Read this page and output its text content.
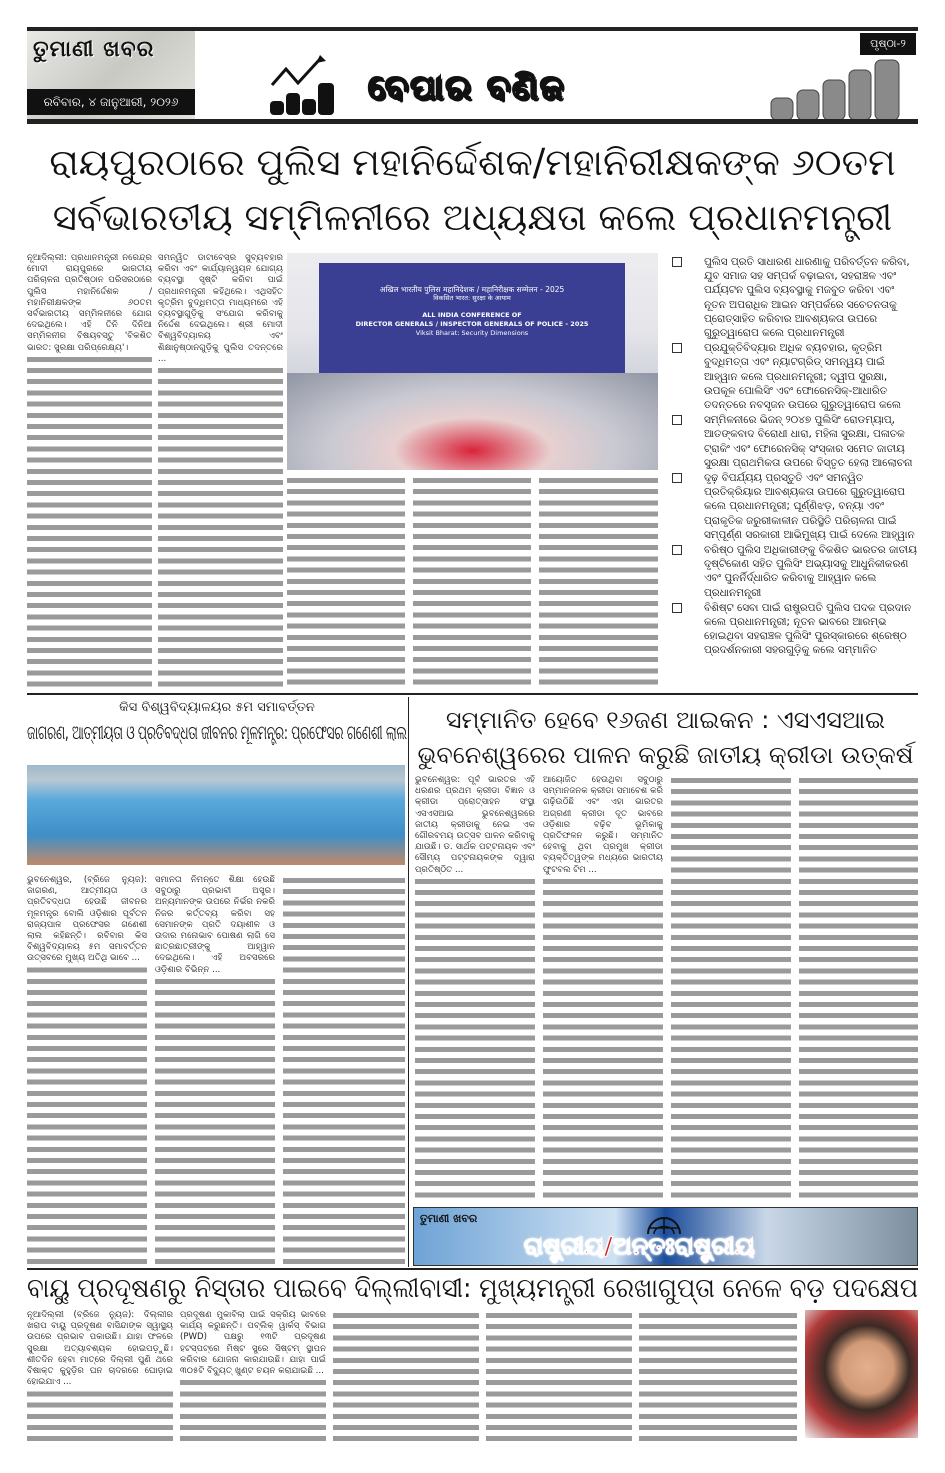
ତୁମାଣୀ ଖବର
ରବିବାର, ୪ ଜାନୁଆରୀ, ୨୦୨୬	ବେପାର ବଣିଜ
ପୃଷ୍ଠା-୨
ରାୟପୁରଠାରେ ପୁଲିସ ମହାନିର୍ଦ୍ଦେଶକ/ମହାନିରୀକ୍ଷକଙ୍କ ୬୦ତମ
ସର୍ବଭାରତୀୟ ସମ୍ମିଳନୀରେ ଅଧ୍ୟକ୍ଷତା କଲେ ପ୍ରଧାନମନ୍ତ୍ରୀ

ନୂଆଦିଲ୍ଲୀ: ପ୍ରଧାନମନ୍ତ୍ରୀ ନରେନ୍ଦ୍ର ମୋଦୀ ରାୟପୁରରେ ଭାରତୀୟ ପରିଚାଳନା ପ୍ରତିଷ୍ଠାନ ପରିସରଠାରେ ପୁଲିସ ମହାନିର୍ଦ୍ଦେଶକ / ମହାନିରୀକ୍ଷକଙ୍କ ୬୦ତମ ସର୍ବଭାରତୀୟ ସମ୍ମିଳନୀରେ ଯୋଗ ଦେଇଥିଲେ। ଏହି ତିନି ଦିନିଆ ସମ୍ମିଳନୀର ବିଷୟବସ୍ତୁ 'ବିକଶିତ ଭାରତ: ସୁରକ୍ଷା ପରିପ୍ରେକ୍ଷ୍ୟ'।

ସମନ୍ୱିତ ଡାଟାବେସ୍‌ର ସୁବ୍ୟବହାର କରିବା ଏବଂ କାର୍ଯ୍ୟାନ୍ୱୟନ ଯୋଗ୍ୟ ବ୍ୟବସ୍ଥା ସୃଷ୍ଟି କରିବା ପାଇଁ ପ୍ରଧାନମନ୍ତ୍ରୀ କହିଥିଲେ। ଏଥିସହିତ କୃତ୍ରିମ ବୁଦ୍ଧିମତ୍ତା ମାଧ୍ୟମରେ ଏହି ବ୍ୟବସ୍ଥାଗୁଡ଼ିକୁ ସଂଯୋଗ କରିବାକୁ ନିର୍ଦ୍ଦେଶ ଦେଇଥିଲେ। ଶ୍ରୀ ମୋଦୀ ବିଶ୍ୱବିଦ୍ୟାଳୟ ଏବଂ ଶିକ୍ଷାନୁଷ୍ଠାନଗୁଡ଼ିକୁ ପୁଲିସ ତଦନ୍ତରେ ...

अखिल भारतीय पुलिस महानिदेशक / महानिरीक्षक सम्मेलन - 2025
विकसित भारत: सुरक्षा के आयाम
ALL INDIA CONFERENCE OF
DIRECTOR GENERALS / INSPECTOR GENERALS OF POLICE - 2025
Viksit Bharat: Security Dimensions
ପୁଲିସ ପ୍ରତି ସାଧାରଣ ଧାରଣାକୁ ପରିବର୍ତ୍ତନ କରିବା, ଯୁବ ସମାଜ ସହ ସମ୍ପର୍କ ବଢ଼ାଇବା, ସହରାଞ୍ଚଳ ଏବଂ ପର୍ଯ୍ୟଟନ ପୁଲିସ ବ୍ୟବସ୍ଥାକୁ ମଜବୁତ କରିବା ଏବଂ ନୂତନ ଅପରାଧିକ ଆଇନ ସମ୍ପର୍କରେ ସଚେତନତାକୁ ପ୍ରୋତ୍ସାହିତ କରିବାର ଆବଶ୍ୟକତା ଉପରେ ଗୁରୁତ୍ୱାରୋପ କଲେ ପ୍ରଧାନମନ୍ତ୍ରୀ
ପ୍ରଯୁକ୍ତିବିଦ୍ୟାର ଅଧିକ ବ୍ୟବହାର, କୃତ୍ରିମ ବୁଦ୍ଧିମତ୍ତା ଏବଂ ନ୍ୟାଟଗ୍ରିଡ୍ ସମନ୍ୱୟ ପାଇଁ ଆହ୍ୱାନ କଲେ ପ୍ରଧାନମନ୍ତ୍ରୀ; ଦ୍ୱୀପ ସୁରକ୍ଷା, ଉପକୂଳ ପୋଲିସିଂ ଏବଂ ଫୋରେନସିକ୍-ଆଧାରିତ ତଦନ୍ତରେ ନବସୃଜନ ଉପରେ ଗୁରୁତ୍ୱାରୋପ କଲେ
ସମ୍ମିଳନୀରେ ଭିଜନ୍ ୨୦୪୭ ପୁଲିସିଂ ରୋଡମ୍ୟାପ୍, ଆତଙ୍କବାଦ ବିରୋଧୀ ଧାରା, ମହିଳା ସୁରକ୍ଷା, ପଳାତକ ଟ୍ରାକିଂ ଏବଂ ଫୋରେନସିକ୍ ସଂସ୍କାର ସମେତ ଜାତୀୟ ସୁରକ୍ଷା ପ୍ରାଥମିକତା ଉପରେ ବିସ୍ତୃତ ହେଲା ଆଲୋଚନା
ଦୃଢ଼ ବିପର୍ଯ୍ୟୟ ପ୍ରସ୍ତୁତି ଏବଂ ସମନ୍ୱିତ ପ୍ରତିକ୍ରିୟାର ଆବଶ୍ୟକତା ଉପରେ ଗୁରୁତ୍ୱାରୋପ କଲେ ପ୍ରଧାନମନ୍ତ୍ରୀ; ଘୂର୍ଣ୍ଣିଝଡ଼, ବନ୍ୟା ଏବଂ ପ୍ରାକୃତିକ ଜରୁରୀକାଳୀନ ପରିସ୍ଥିତି ପରିଚାଳନା ପାଇଁ ସମ୍ପୂର୍ଣ୍ଣ ସରକାରୀ ଆଭିମୁଖ୍ୟ ପାଇଁ ଦେଲେ ଆହ୍ୱାନ
ବରିଷ୍ଠ ପୁଲିସ ଅଧିକାରୀଙ୍କୁ ବିକଶିତ ଭାରତର ଜାତୀୟ ଦୃଷ୍ଟିକୋଣ ସହିତ ପୁଲିସିଂ ଅଭ୍ୟାସକୁ ଆଧୁନିକୀକରଣ ଏବଂ ପୁନର୍ନିର୍ଦ୍ଧାରିତ କରିବାକୁ ଆହ୍ୱାନ କଲେ ପ୍ରଧାନମନ୍ତ୍ରୀ
ବିଶିଷ୍ଟ ସେବା ପାଇଁ ରାଷ୍ଟ୍ରପତି ପୁଲିସ ପଦକ ପ୍ରଦାନ କଲେ ପ୍ରଧାନମନ୍ତ୍ରୀ; ନୂତନ ଭାବରେ ଆରମ୍ଭ ହୋଇଥିବା ସହରାଞ୍ଚଳ ପୁଲିସିଂ ପୁରସ୍କାରରେ ଶ୍ରେଷ୍ଠ ପ୍ରଦର୍ଶନକାରୀ ସହରଗୁଡ଼ିକୁ କଲେ ସମ୍ମାନିତ
କିସ ବିଶ୍ୱବିଦ୍ୟାଳୟର ୫ମ ସମାବର୍ତ୍ତନ
ଜାଗରଣ, ଆତ୍ମୀୟତା ଓ ପ୍ରତିବଦ୍ଧତା ଜୀବନର ମୂଳମନ୍ତ୍ର: ପ୍ରଫେସର ଗଣେଶୀ ଲାଲ

ଭୁବନେଶ୍ୱର, (ବ୍ରିଜେ ନ୍ୟୁଜ): ଜାଗରଣ, ଆତ୍ମୀୟତା ଓ ପ୍ରତିବଦ୍ଧତା ହେଉଛି ଜୀବନର ମୂଳମନ୍ତ୍ର ବୋଲି ଓଡ଼ିଶାର ପୂର୍ବତନ ରାଜ୍ୟପାଳ ପ୍ରଫେସର ଗଣେଶୀ ଲାଲ କହିଛନ୍ତି। ରବିବାର କିସ ବିଶ୍ୱବିଦ୍ୟାଳୟ ୫ମ ସମାବର୍ତ୍ତନ ଉତ୍ସବରେ ମୁଖ୍ୟ ଅତିଥି ଭାବେ ...

ସମାନତା ନିମନ୍ତେ ଶିକ୍ଷା ହେଉଛି ସବୁଠାରୁ ପ୍ରଭାବୀ ଅସ୍ତ୍ର। ଅନ୍ୟମାନଙ୍କ ଉପରେ ନିର୍ଭର ନକରି ନିଜର କର୍ତ୍ତବ୍ୟ କରିବା ସହ ସେମାନଙ୍କ ପ୍ରତି ଦୟାଶୀଳ ଓ ଉଦାର ମନୋଭାବ ପୋଷଣ ଲାଗି ସେ ଛାତ୍ରଛାତ୍ରୀଙ୍କୁ ଆହ୍ୱାନ ଦେଇଥିଲେ। ଏହି ଅବସରରେ ଓଡ଼ିଶାର ବିଭିନ୍ନ ...

ସମ୍ମାନିତ ହେବେ ୧୬ଜଣ ଆଇକନ : ଏସଏସଆଇ
ଭୁବନେଶ୍ୱରେର ପାଳନ କରୁଛି ଜାତୀୟ କ୍ରୀଡା ଉତ୍କର୍ଷ

ଭୁବନେଶ୍ୱର: ପୂର୍ବ ଭାରତର ଏହି ଧରଣର ପ୍ରଥମ କ୍ରୀଡା ବିଜ୍ଞାନ ଓ କ୍ରୀଡା ପ୍ରୋତ୍ସାହନ ସଂସ୍ଥା ଏସଏସଆଇ ଭୁବନେଶ୍ୱରରେ ଜାତୀୟ କ୍ରୀଡାକୁ ନେଇ ଏକ ଗୌରବମୟ ଉତ୍ସବ ପାଳନ କରିବାକୁ ଯାଉଛି। ଡ. ସାର୍ଥକ ପଟ୍ଟନାୟକ ଏବଂ ସୌମ୍ୟ ପଟ୍ଟନାୟକଙ୍କ ଦ୍ୱାରା ପ୍ରତିଷ୍ଠିତ ...

ଆୟୋଜିତ ହେଉଥିବା ସବୁଠାରୁ ସମ୍ମାନଜନକ କ୍ରୀଡା ସମାବେଶ କରି ଗଢ଼ିଉଠିଛି ଏବଂ ଏହା ଭାରତର ଅଗ୍ରଣୀ କ୍ରୀଡା ଦୂତ ଭାବରେ ଓଡ଼ିଶାର ବଢ଼ିବ ଭୂମିକାକୁ ପ୍ରତିଫଳନ କରୁଛି। ସମ୍ମାନିତ ହେବାକୁ ଥିବା ପ୍ରମୁଖ କ୍ରୀଡା ବ୍ୟକ୍ତିତ୍ୱଙ୍କ ମଧ୍ୟରେ ଭାରତୀୟ ଫୁଟବଲ ଟିମ ...

ତୁମାଣୀ ଖବର
ରାଷ୍ଟ୍ରୀୟ/ଅନ୍ତଃରାଷ୍ଟ୍ରୀୟ

ନୂଆଦିଲ୍ଲୀ (ବ୍ରିଜେ ନ୍ୟୁଜ): ଦିଲ୍ଲୀର ଖରାପ ବାୟୁ ପ୍ରଦୂଷଣ ବାସିନ୍ଦାଙ୍କ ସ୍ୱାସ୍ଥ୍ୟ ଉପରେ ପ୍ରଭାବ ପକାଉଛି। ଯାହା ଫଳରେ ସୁରକ୍ଷା ଅତ୍ୟାବଶ୍ୟକ ହୋଇପଡ଼ୁଛି। ଶୀତଦିନ ହେବା ମାତ୍ରେ ଦିଲ୍ଲୀ ପୁଣି ଥରେ ବିଷାକ୍ତ କୁହୁଡ଼ିର ଘନ ଚାଦରରେ ଘୋଡ଼ାଇ ହୋଇଯାଏ ...

ପ୍ରଦୂଷଣ ମୁକାବିଲା ପାଇଁ ସକ୍ରିୟ ଭାବରେ କାର୍ଯ୍ୟ କରୁଛନ୍ତି। ପବ୍ଲିକ୍ ୱାର୍କସ୍ ବିଭାଗ (PWD) ପକ୍ଷରୁ ୧୩ଟି ପ୍ରଦୂଷଣ ହଟସ୍ପଟ୍‌ରେ ମିଷ୍ଟ ସ୍ପ୍ରେ ସିଷ୍ଟମ୍ ସ୍ଥାପନ କରିବାର ଯୋଜନା କାରଯାଉଛି। ଯାହା ପାଇଁ ୩୦୫ଟି ବିଦ୍ୟୁତ୍ ଖୁଣ୍ଟ ଚୟନ କରାଯାଇଛି ...

ବାୟୁ ପ୍ରଦୂଷଣରୁ ନିସ୍ତାର ପାଇବେ ଦିଲ୍ଲୀବାସୀ: ମୁଖ୍ୟମନ୍ତ୍ରୀ ରେଖାଗୁପ୍ତା ନେଳେ ବଡ଼ ପଦକ୍ଷେପ
